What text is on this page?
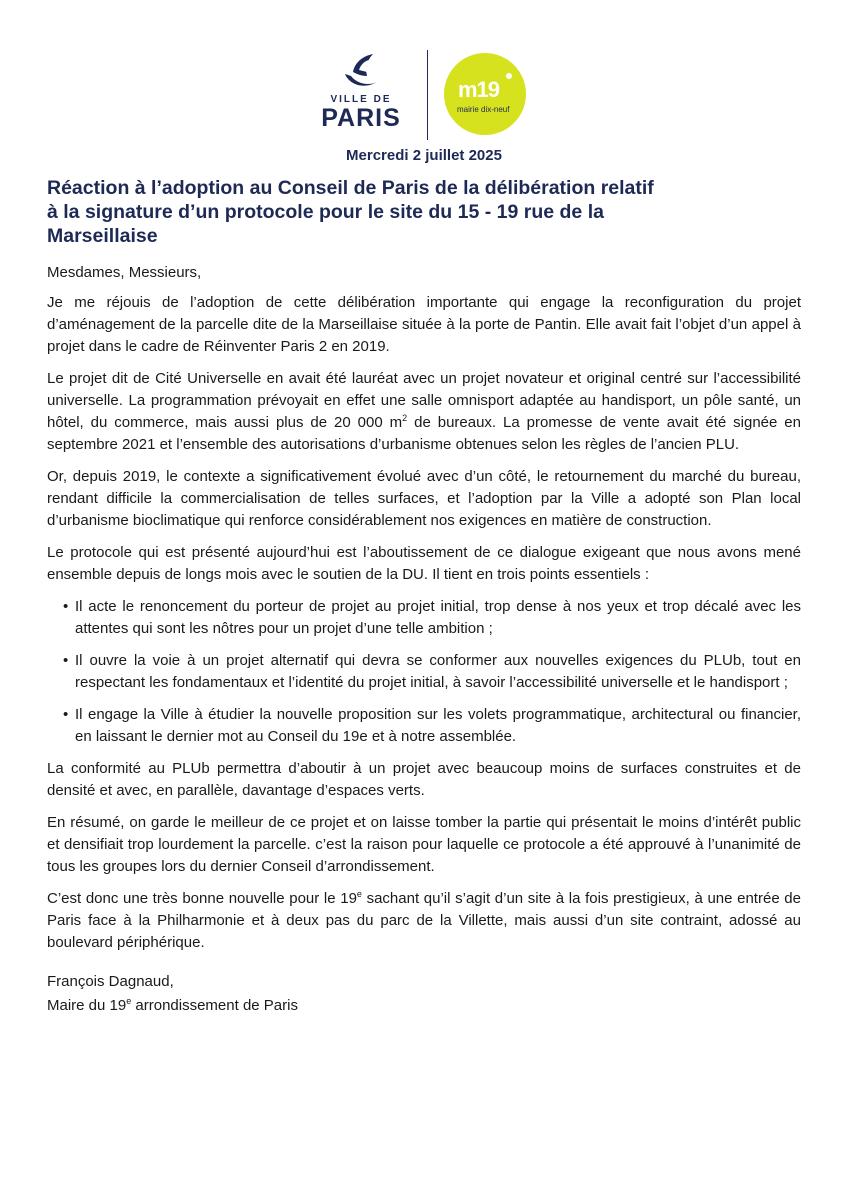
VILLE DE
PARIS
m19
mairie dix-neuf
Mercredi 2 juillet 2025
Réaction à l’adoption au Conseil de Paris de la délibération relatif à la signature d’un protocole pour le site du 15 - 19 rue de la Marseillaise

Mesdames, Messieurs,

Je me réjouis de l’adoption de cette délibération importante qui engage la reconfiguration du projet d’aménagement de la parcelle dite de la Marseillaise située à la porte de Pantin. Elle avait fait l’objet d’un appel à projet dans le cadre de Réinventer Paris 2 en 2019.

Le projet dit de Cité Universelle en avait été lauréat avec un projet novateur et original centré sur l’accessibilité universelle. La programmation prévoyait en effet une salle omnisport adaptée au handisport, un pôle santé, un hôtel, du commerce, mais aussi plus de 20 000 $m^2$ de bureaux. La promesse de vente avait été signée en septembre 2021 et l’ensemble des autorisations d’urbanisme obtenues selon les règles de l’ancien PLU.

Or, depuis 2019, le contexte a significativement évolué avec d’un côté, le retournement du marché du bureau, rendant difficile la commercialisation de telles surfaces, et l’adoption par la Ville a adopté son Plan local d’urbanisme bioclimatique qui renforce considérablement nos exigences en matière de construction.

Le protocole qui est présenté aujourd’hui est l’aboutissement de ce dialogue exigeant que nous avons mené ensemble depuis de longs mois avec le soutien de la DU. Il tient en trois points essentiels :

• Il acte le renoncement du porteur de projet au projet initial, trop dense à nos yeux et trop décalé avec les attentes qui sont les nôtres pour un projet d’une telle ambition ;
• Il ouvre la voie à un projet alternatif qui devra se conformer aux nouvelles exigences du PLUb, tout en respectant les fondamentaux et l’identité du projet initial, à savoir l’accessibilité universelle et le handisport ;
• Il engage la Ville à étudier la nouvelle proposition sur les volets programmatique, architectural ou financier, en laissant le dernier mot au Conseil du 19e et à notre assemblée.

La conformité au PLUb permettra d’aboutir à un projet avec beaucoup moins de surfaces construites et de densité et avec, en parallèle, davantage d’espaces verts.

En résumé, on garde le meilleur de ce projet et on laisse tomber la partie qui présentait le moins d’intérêt public et densifiait trop lourdement la parcelle. c’est la raison pour laquelle ce protocole a été approuvé à l’unanimité de tous les groupes lors du dernier Conseil d’arrondissement.

C’est donc une très bonne nouvelle pour le 19e sachant qu’il s’agit d’un site à la fois prestigieux, à une entrée de Paris face à la Philharmonie et à deux pas du parc de la Villette, mais aussi d’un site contraint, adossé au boulevard périphérique.

François Dagnaud,
Maire du 19e arrondissement de Paris
